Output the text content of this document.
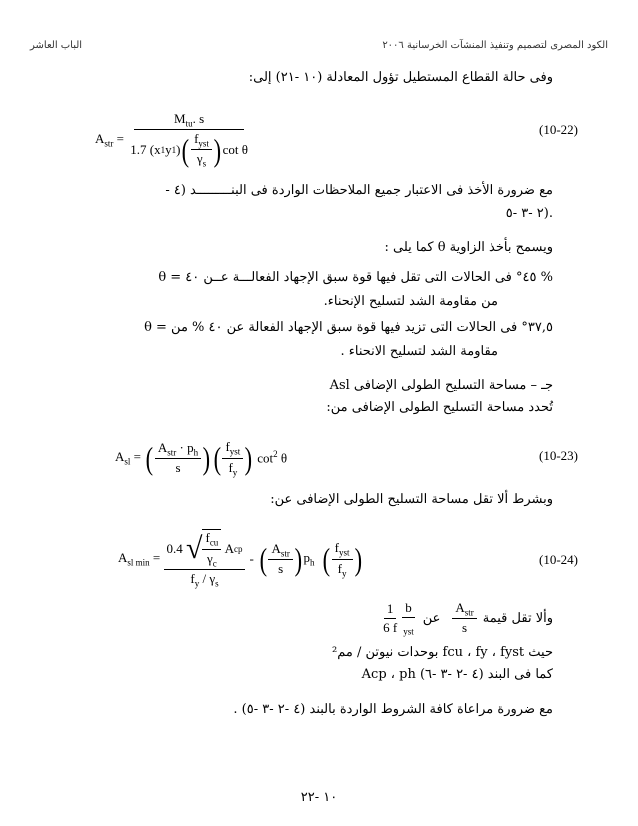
الباب العاشر	الكود المصرى لتصميم وتنفيذ المنشآت الخرسانية ٢٠٠٦
وفى حالة القطاع المستطيل تؤول المعادلة (١٠ -٢١) إلى:
$A_{str}$ =
$M_{tu}$. s
1.7 (x 1 y 1 ) ( $\frac{f_{yst}}{\gamma_s}$
) cot θ
(10-22)
مع ضرورة الأخذ فى الاعتبار جميع الملاحظات الواردة فى البنـــــــــد (٤ -
٢ -٣ -٥).
ويسمح بأخذ الزاوية θ كما يلى :
θ = ٤٥° فى الحالات التى تقل فيها قوة سبق الإجهاد الفعالـــة عــن ٤٠ %
من مقاومة الشد لتسليح الإنحناء.
θ = ٣٧,٥° فى الحالات التى تزيد فيها قوة سبق الإجهاد الفعالة عن ٤٠ % من
مقاومة الشد لتسليح الانحناء .
جـ – مساحة التسليح الطولى الإضافى Asl
تُحدد مساحة التسليح الطولى الإضافى من:
$A_{sl}$ = ( $\frac{A_{str} \cdot p_h}{s}$
) ( $\frac{f_{yst}}{f_y}$
) $\cot^2 \theta$	(10-23)
وبشرط ألا تقل مساحة التسليح الطولى الإضافى عن:
$A_{sl min}$ =
0.4
√ $\frac{f_{cu}}{\gamma_c}$
A cp
$f_y / \gamma_s$
- ( $\frac{A_{str}}{s}$
) $p_h$	( $\frac{f_{yst}}{f_y}$
)	(10-24)
وألا تقل قيمة
$\frac{A_{str}}{s}$
عن
$\frac{1}{6 f} \frac{b}{_{yst}}$
حيث fcu ، fy ، fyst بوحدات نيوتن / مم²
Acp ، ph كما فى البند (٤ -٢ -٣ -٦)
مع ضرورة مراعاة كافة الشروط الواردة بالبند (٤ -٢ -٣ -٥) .
١٠ -٢٢
